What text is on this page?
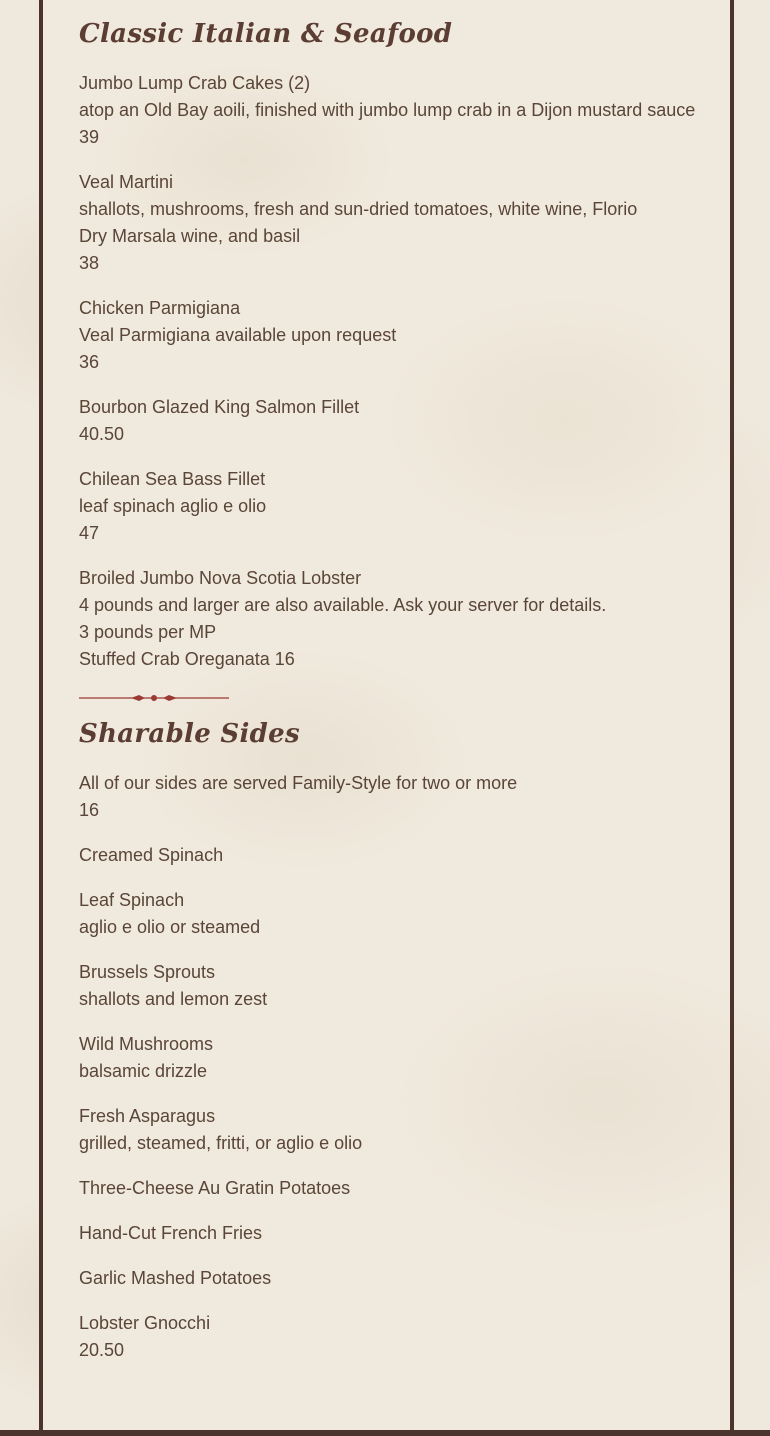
Classic Italian & Seafood
Jumbo Lump Crab Cakes (2)
atop an Old Bay aoili, finished with jumbo lump crab in a Dijon mustard sauce
39
Veal Martini
shallots, mushrooms, fresh and sun-dried tomatoes, white wine, Florio Dry Marsala wine, and basil
38
Chicken Parmigiana
Veal Parmigiana available upon request
36
Bourbon Glazed King Salmon Fillet
40.50
Chilean Sea Bass Fillet
leaf spinach aglio e olio
47
Broiled Jumbo Nova Scotia Lobster
4 pounds and larger are also available. Ask your server for details.
3 pounds per MP
Stuffed Crab Oreganata 16
Sharable Sides
All of our sides are served Family-Style for two or more
16
Creamed Spinach
Leaf Spinach
aglio e olio or steamed
Brussels Sprouts
shallots and lemon zest
Wild Mushrooms
balsamic drizzle
Fresh Asparagus
grilled, steamed, fritti, or aglio e olio
Three-Cheese Au Gratin Potatoes
Hand-Cut French Fries
Garlic Mashed Potatoes
Lobster Gnocchi
20.50
